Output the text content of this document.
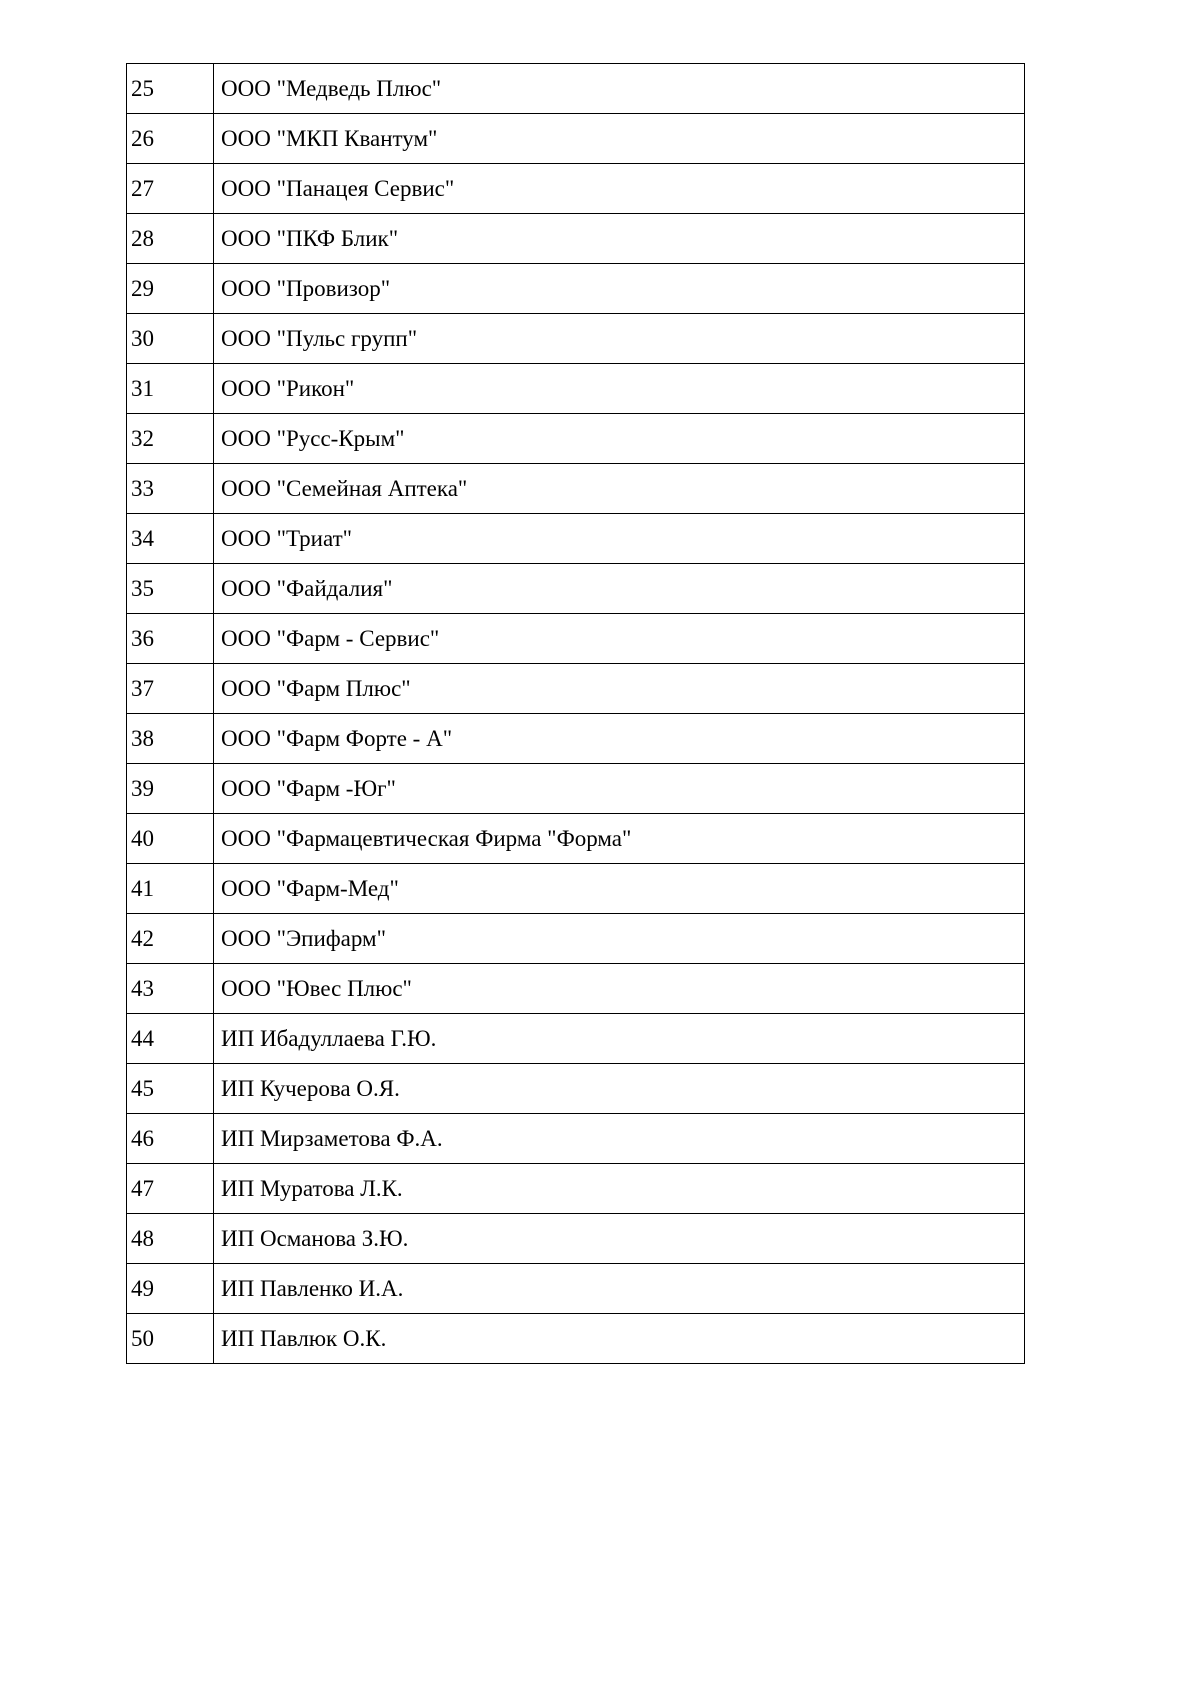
25	ООО "Медведь Плюс"
26	ООО "МКП Квантум"
27	ООО "Панацея Сервис"
28	ООО "ПКФ Блик"
29	ООО "Провизор"
30	ООО "Пульс групп"
31	ООО "Рикон"
32	ООО "Русс-Крым"
33	ООО "Семейная Аптека"
34	ООО "Триат"
35	ООО "Файдалия"
36	ООО "Фарм - Сервис"
37	ООО "Фарм Плюс"
38	ООО "Фарм Форте - А"
39	ООО "Фарм -Юг"
40	ООО "Фармацевтическая Фирма "Форма"
41	ООО "Фарм-Мед"
42	ООО "Эпифарм"
43	ООО "Ювес Плюс"
44	ИП Ибадуллаева Г.Ю.
45	ИП Кучерова О.Я.
46	ИП Мирзаметова Ф.А.
47	ИП Муратова Л.К.
48	ИП Османова З.Ю.
49	ИП Павленко И.А.
50	ИП Павлюк О.К.
